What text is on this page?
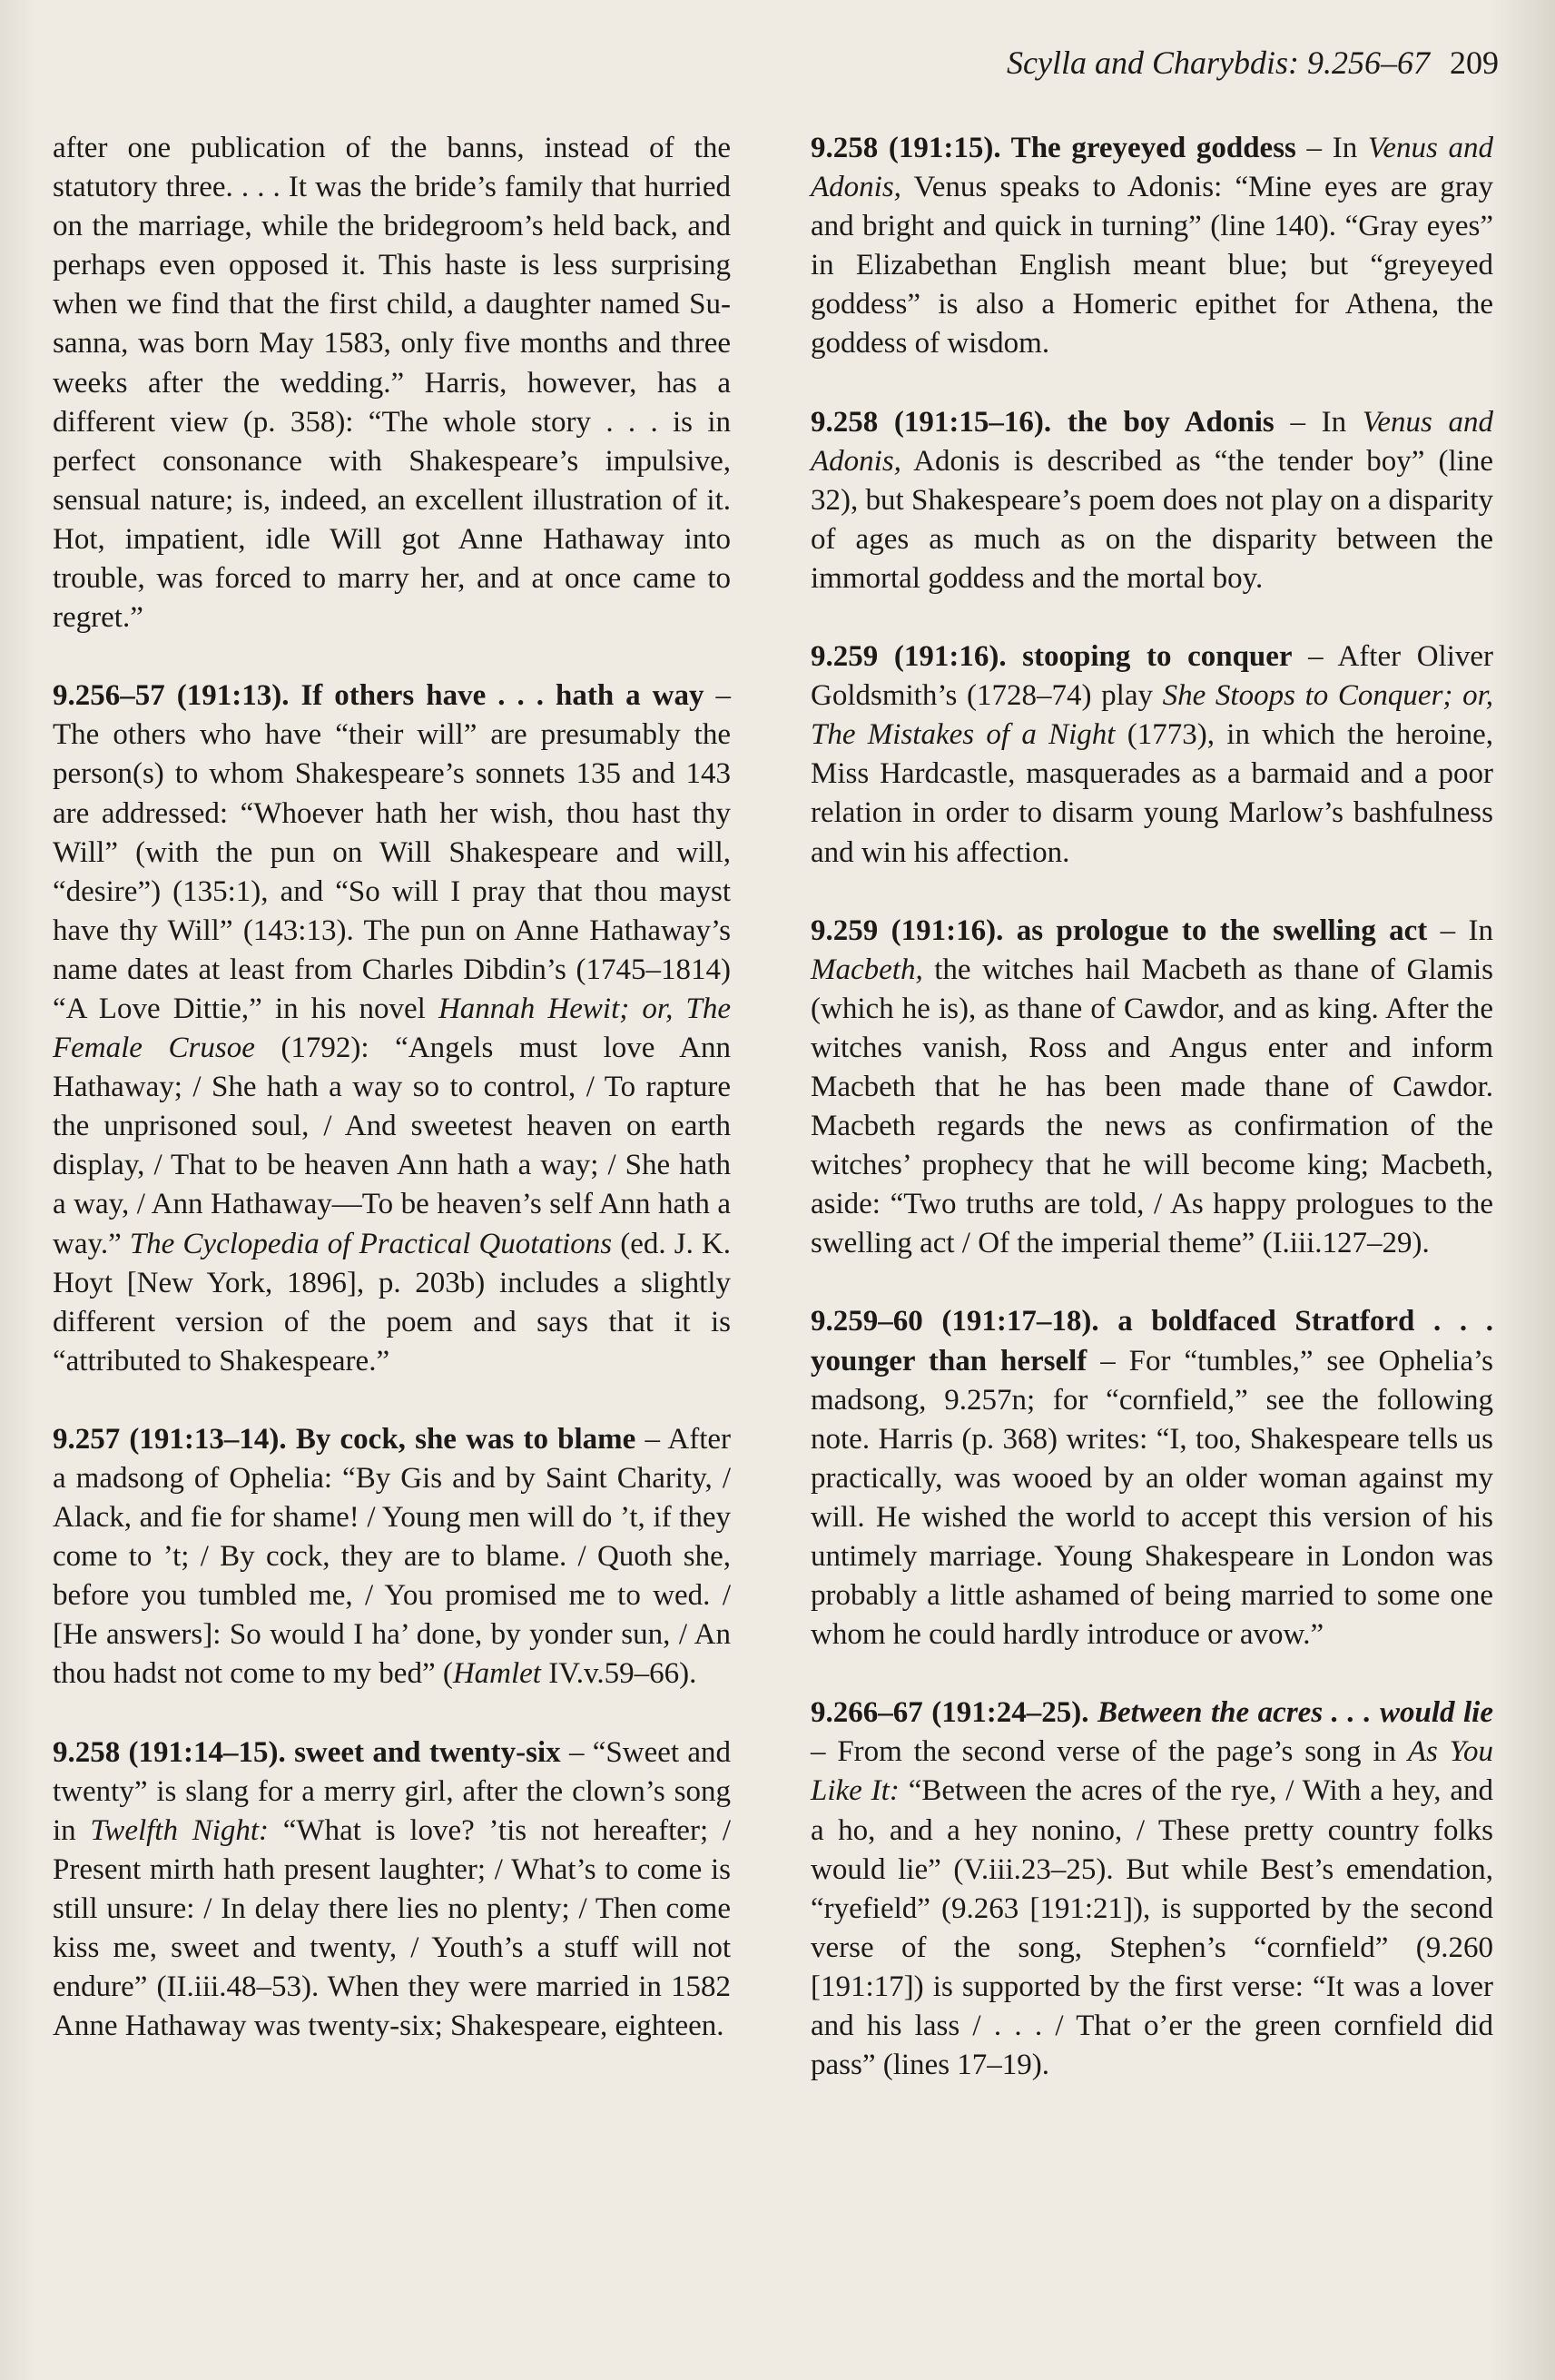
Scylla and Charybdis: 9.256–67 209

after one publication of the banns, instead of the statutory three. . . . It was the bride’s family that hurried on the marriage, while the bridegroom’s held back, and perhaps even opposed it. This haste is less surprising when we find that the first child, a daughter named Susanna, was born May 1583, only five months and three weeks after the wedding.” Harris, however, has a different view (p. 358): “The whole story . . . is in perfect consonance with Shakespeare’s impulsive, sensual nature; is, indeed, an excellent illustration of it. Hot, impatient, idle Will got Anne Hathaway into trouble, was forced to marry her, and at once came to regret.”

9.256–57 (191:13). If others have . . . hath a way – The others who have “their will” are presumably the person(s) to whom Shakespeare’s sonnets 135 and 143 are addressed: “Whoever hath her wish, thou hast thy Will” (with the pun on Will Shakespeare and will, “desire”) (135:1), and “So will I pray that thou mayst have thy Will” (143:13). The pun on Anne Hathaway’s name dates at least from Charles Dibdin’s (1745–1814) “A Love Dittie,” in his novel Hannah Hewit; or, The Female Crusoe (1792): “Angels must love Ann Hathaway; / She hath a way so to control, / To rapture the unprisoned soul, / And sweetest heaven on earth display, / That to be heaven Ann hath a way; / She hath a way, / Ann Hathaway—To be heaven’s self Ann hath a way.” The Cyclopedia of Practical Quotations (ed. J. K. Hoyt [New York, 1896], p. 203b) includes a slightly different version of the poem and says that it is “attributed to Shakespeare.”

9.257 (191:13–14). By cock, she was to blame – After a madsong of Ophelia: “By Gis and by Saint Charity, / Alack, and fie for shame! / Young men will do ’t, if they come to ’t; / By cock, they are to blame. / Quoth she, before you tumbled me, / You promised me to wed. / [He answers]: So would I ha’ done, by yonder sun, / An thou hadst not come to my bed” (Hamlet IV.v.59–66).

9.258 (191:14–15). sweet and twenty-six – “Sweet and twenty” is slang for a merry girl, after the clown’s song in Twelfth Night: “What is love? ’tis not hereafter; / Present mirth hath present laughter; / What’s to come is still unsure: / In delay there lies no plenty; / Then come kiss me, sweet and twenty, / Youth’s a stuff will not endure” (II.iii.48–53). When they were married in 1582 Anne Hathaway was twenty-six; Shakespeare, eighteen.

9.258 (191:15). The greyeyed goddess – In Venus and Adonis, Venus speaks to Adonis: “Mine eyes are gray and bright and quick in turning” (line 140). “Gray eyes” in Elizabethan English meant blue; but “greyeyed goddess” is also a Homeric epithet for Athena, the goddess of wisdom.

9.258 (191:15–16). the boy Adonis – In Venus and Adonis, Adonis is described as “the tender boy” (line 32), but Shakespeare’s poem does not play on a disparity of ages as much as on the disparity between the immortal goddess and the mortal boy.

9.259 (191:16). stooping to conquer – After Oliver Goldsmith’s (1728–74) play She Stoops to Conquer; or, The Mistakes of a Night (1773), in which the heroine, Miss Hardcastle, masquerades as a barmaid and a poor relation in order to disarm young Marlow’s bashfulness and win his affection.

9.259 (191:16). as prologue to the swelling act – In Macbeth, the witches hail Macbeth as thane of Glamis (which he is), as thane of Cawdor, and as king. After the witches vanish, Ross and Angus enter and inform Macbeth that he has been made thane of Cawdor. Macbeth regards the news as confirmation of the witches’ prophecy that he will become king; Macbeth, aside: “Two truths are told, / As happy prologues to the swelling act / Of the imperial theme” (I.iii.127–29).

9.259–60 (191:17–18). a boldfaced Stratford . . . younger than herself – For “tumbles,” see Ophelia’s madsong, 9.257n; for “cornfield,” see the following note. Harris (p. 368) writes: “I, too, Shakespeare tells us practically, was wooed by an older woman against my will. He wished the world to accept this version of his untimely marriage. Young Shakespeare in London was probably a little ashamed of being married to some one whom he could hardly introduce or avow.”

9.266–67 (191:24–25). Between the acres . . . would lie – From the second verse of the page’s song in As You Like It: “Between the acres of the rye, / With a hey, and a ho, and a hey nonino, / These pretty country folks would lie” (V.iii.23–25). But while Best’s emendation, “ryefield” (9.263 [191:21]), is supported by the second verse of the song, Stephen’s “cornfield” (9.260 [191:17]) is supported by the first verse: “It was a lover and his lass / . . . / That o’er the green cornfield did pass” (lines 17–19).
